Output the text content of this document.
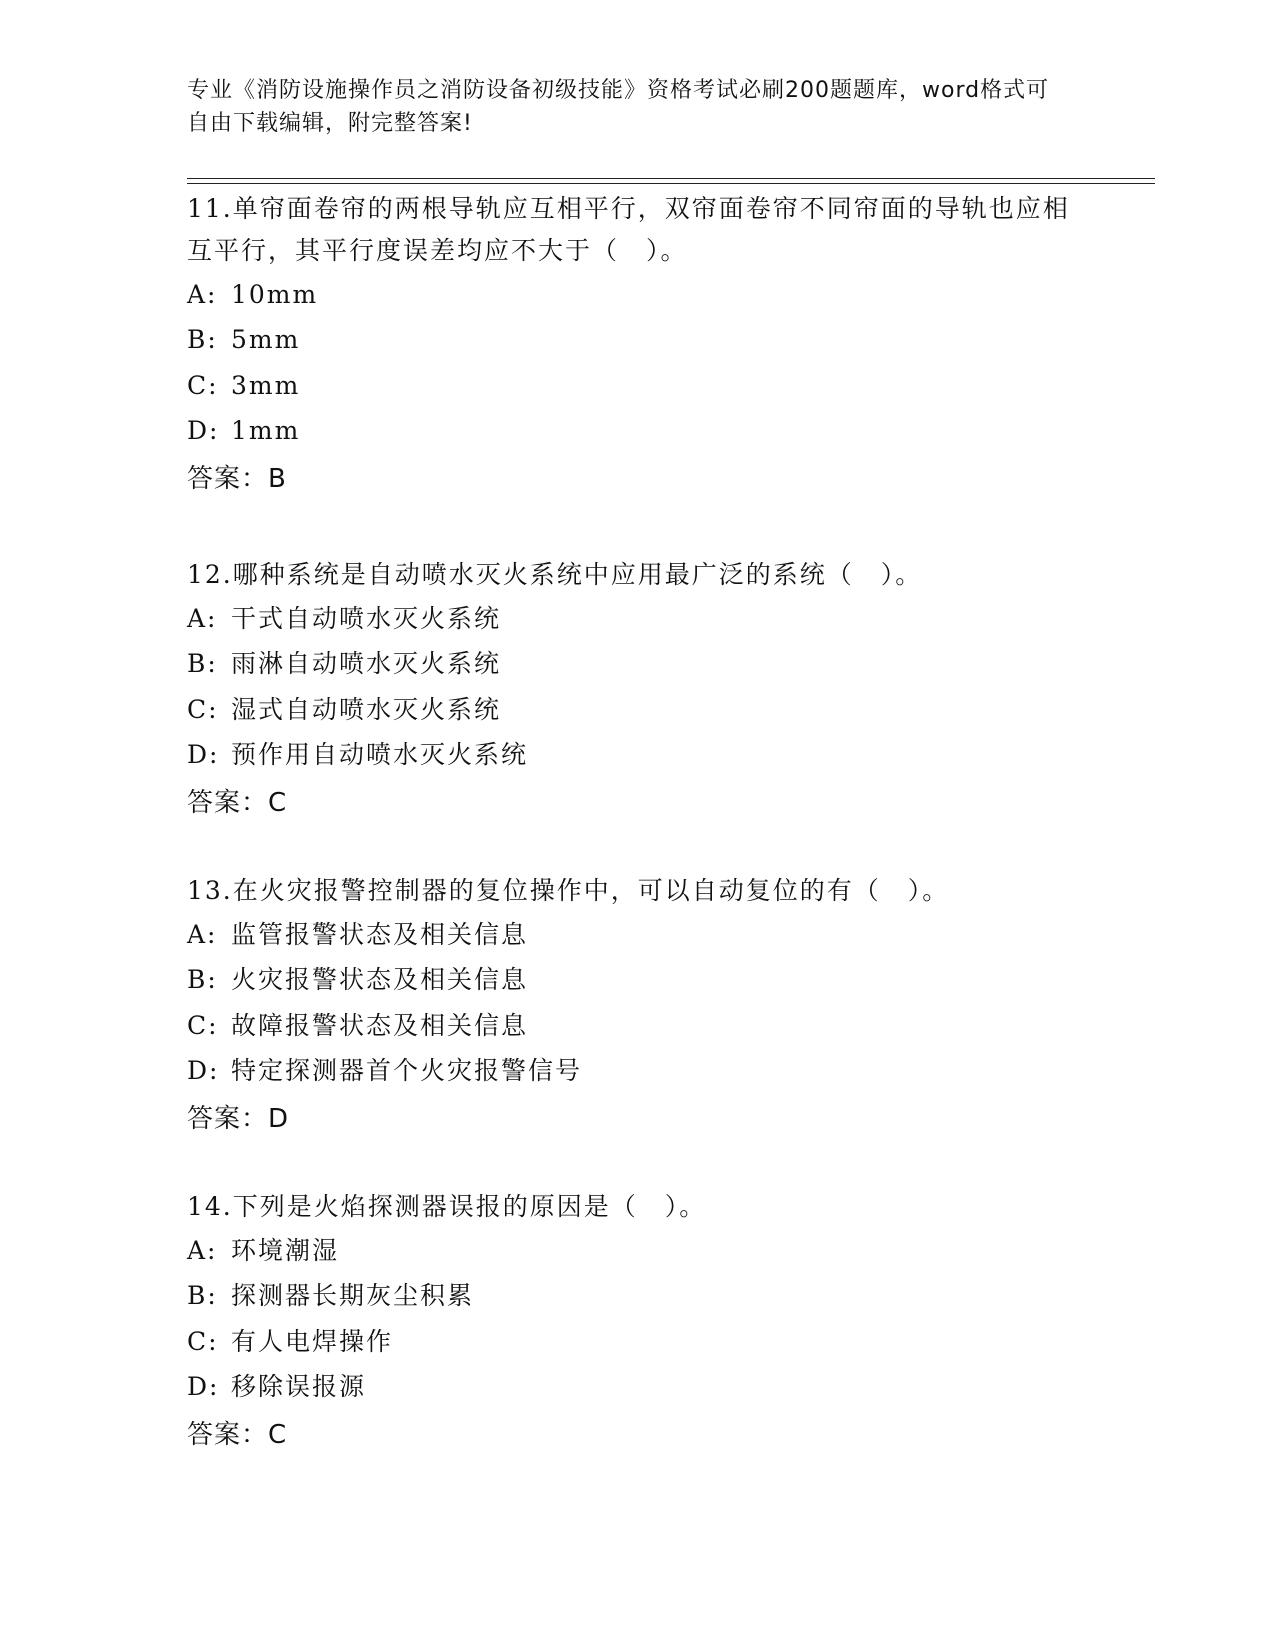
专业《消防设施操作员之消防设备初级技能》资格考试必刷200题题库，word格式可自由下载编辑，附完整答案!

11.单帘面卷帘的两根导轨应互相平行，双帘面卷帘不同帘面的导轨也应相互平行，其平行度误差均应不大于（　）。

A: 10mm
B: 5mm
C: 3mm
D: 1mm
答案：B

12.哪种系统是自动喷水灭火系统中应用最广泛的系统（　）。

A: 干式自动喷水灭火系统
B: 雨淋自动喷水灭火系统
C: 湿式自动喷水灭火系统
D: 预作用自动喷水灭火系统
答案：C

13.在火灾报警控制器的复位操作中，可以自动复位的有（　）。

A: 监管报警状态及相关信息
B: 火灾报警状态及相关信息
C: 故障报警状态及相关信息
D: 特定探测器首个火灾报警信号
答案：D

14.下列是火焰探测器误报的原因是（　）。

A: 环境潮湿
B: 探测器长期灰尘积累
C: 有人电焊操作
D: 移除误报源
答案：C
